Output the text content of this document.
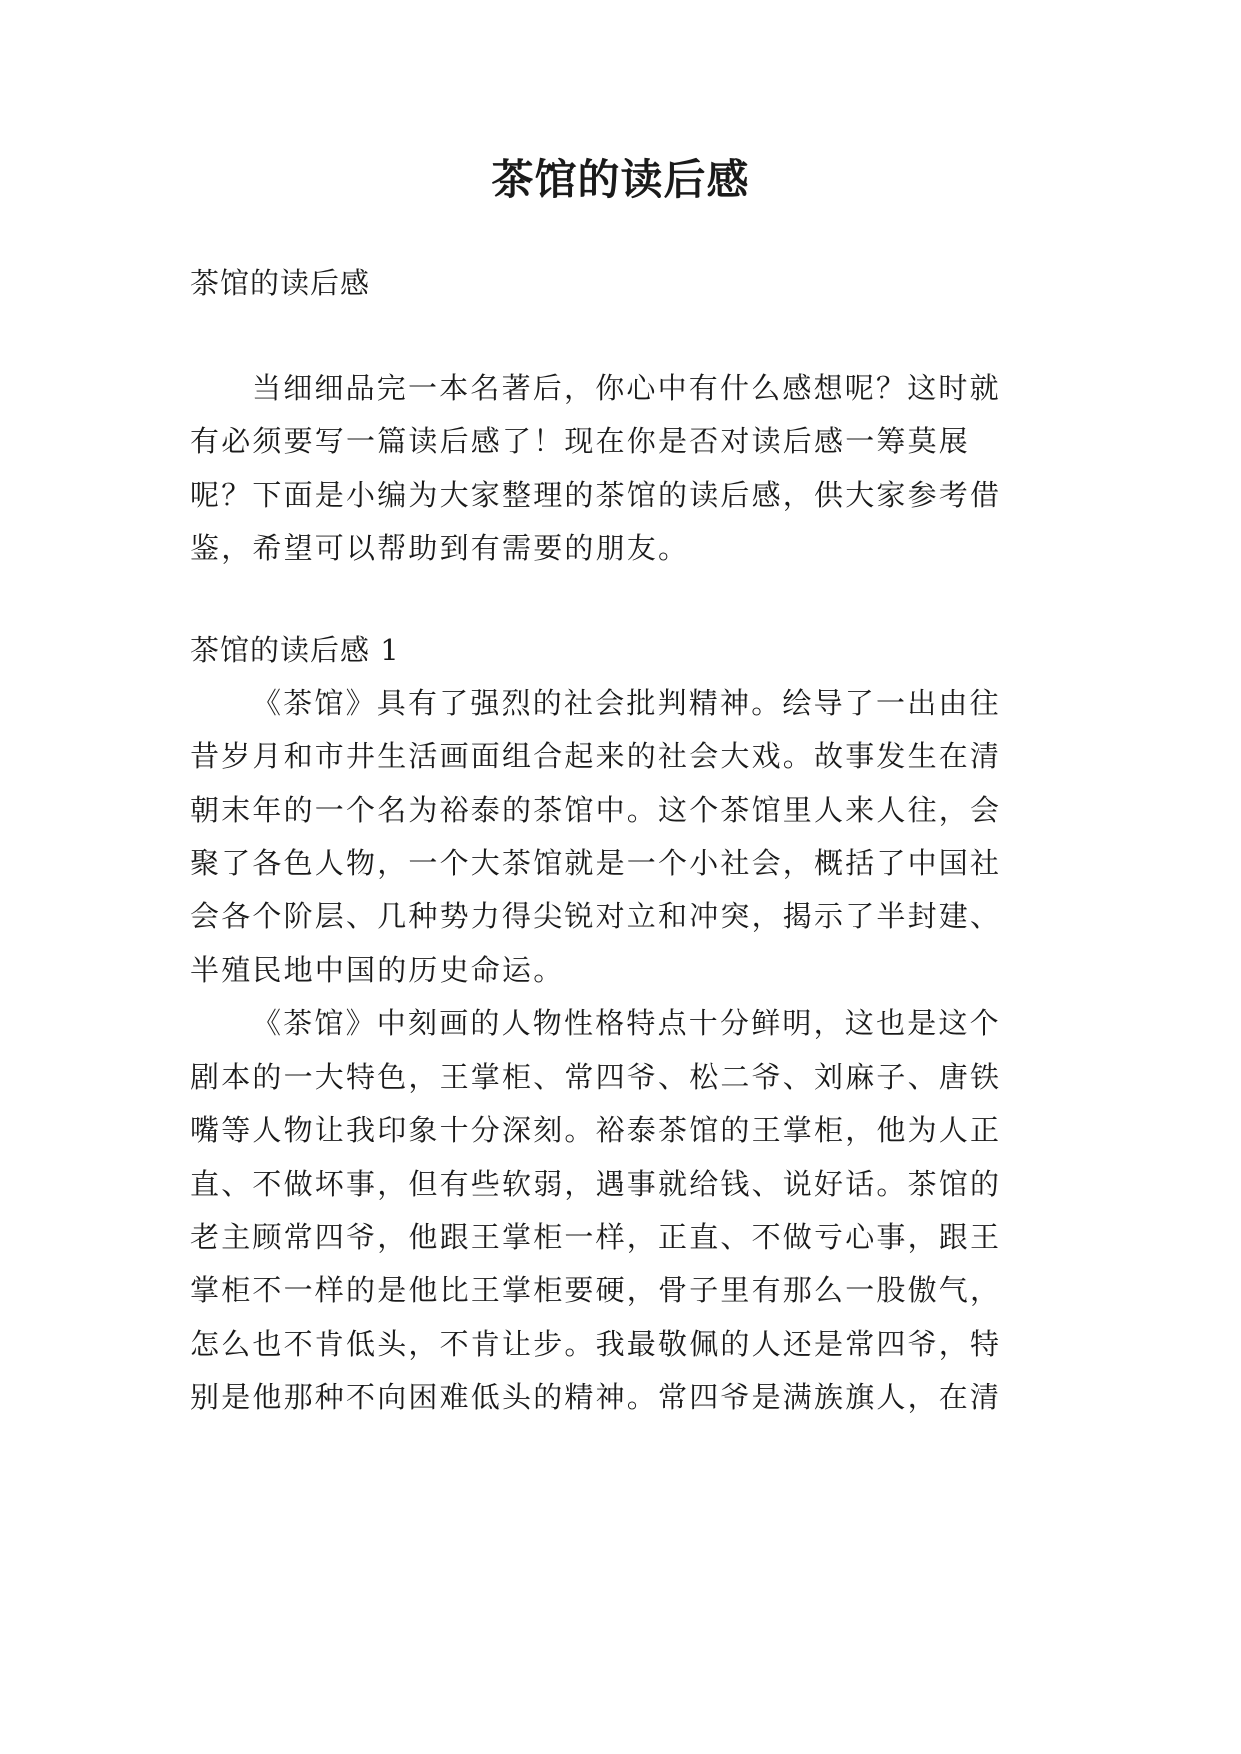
茶馆的读后感
茶馆的读后感
当细细品完一本名著后，你心中有什么感想呢？这时就
有必须要写一篇读后感了！现在你是否对读后感一筹莫展
呢？下面是小编为大家整理的茶馆的读后感，供大家参考借
鉴，希望可以帮助到有需要的朋友。
茶馆的读后感 1
《茶馆》具有了强烈的社会批判精神。绘导了一出由往
昔岁月和市井生活画面组合起来的社会大戏。故事发生在清
朝末年的一个名为裕泰的茶馆中。这个茶馆里人来人往，会
聚了各色人物，一个大茶馆就是一个小社会，概括了中国社
会各个阶层、几种势力得尖锐对立和冲突，揭示了半封建、
半殖民地中国的历史命运。
《茶馆》中刻画的人物性格特点十分鲜明，这也是这个
剧本的一大特色，王掌柜、常四爷、松二爷、刘麻子、唐铁
嘴等人物让我印象十分深刻。裕泰茶馆的王掌柜，他为人正
直、不做坏事，但有些软弱，遇事就给钱、说好话。茶馆的
老主顾常四爷，他跟王掌柜一样，正直、不做亏心事，跟王
掌柜不一样的是他比王掌柜要硬，骨子里有那么一股傲气，
怎么也不肯低头，不肯让步。我最敬佩的人还是常四爷，特
别是他那种不向困难低头的精神。常四爷是满族旗人，在清
